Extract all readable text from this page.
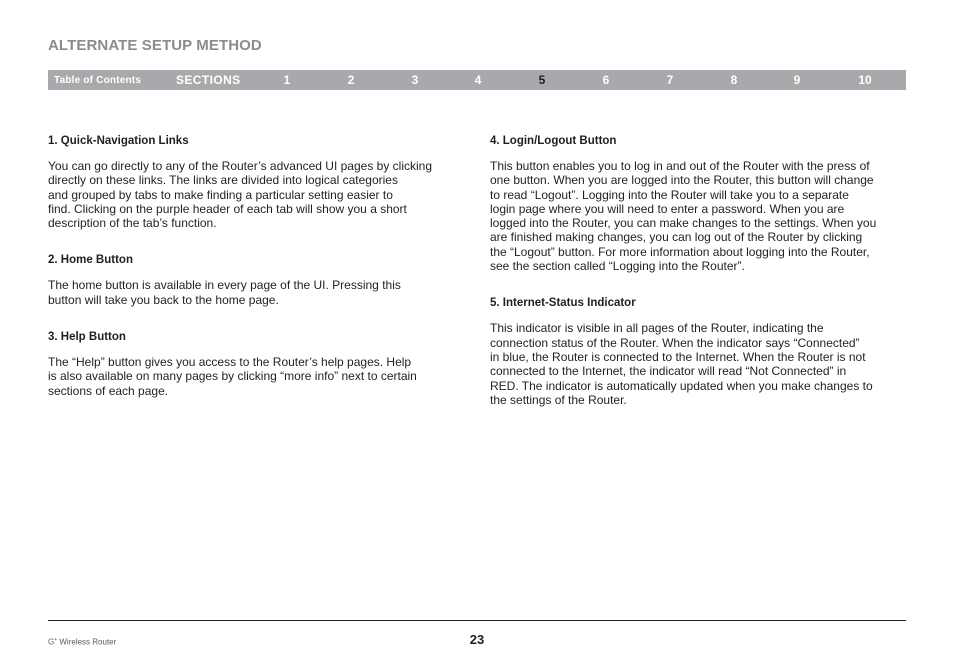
ALTERNATE SETUP METHOD
Table of Contents	SECTIONS	1	2	3	4	5	6	7	8	9	10
1. Quick-Navigation Links

You can go directly to any of the Router’s advanced UI pages by clicking
directly on these links. The links are divided into logical categories
and grouped by tabs to make finding a particular setting easier to
find. Clicking on the purple header of each tab will show you a short
description of the tab’s function.

2. Home Button

The home button is available in every page of the UI. Pressing this
button will take you back to the home page.

3. Help Button

The “Help” button gives you access to the Router’s help pages. Help
is also available on many pages by clicking “more info” next to certain
sections of each page.

4. Login/Logout Button

This button enables you to log in and out of the Router with the press of
one button. When you are logged into the Router, this button will change
to read “Logout”. Logging into the Router will take you to a separate
login page where you will need to enter a password. When you are
logged into the Router, you can make changes to the settings. When you
are finished making changes, you can log out of the Router by clicking
the “Logout” button. For more information about logging into the Router,
see the section called “Logging into the Router”.

5. Internet-Status Indicator

This indicator is visible in all pages of the Router, indicating the
connection status of the Router. When the indicator says “Connected”
in blue, the Router is connected to the Internet. When the Router is not
connected to the Internet, the indicator will read “Not Connected” in
RED. The indicator is automatically updated when you make changes to
the settings of the Router.

G+ Wireless Router	23
